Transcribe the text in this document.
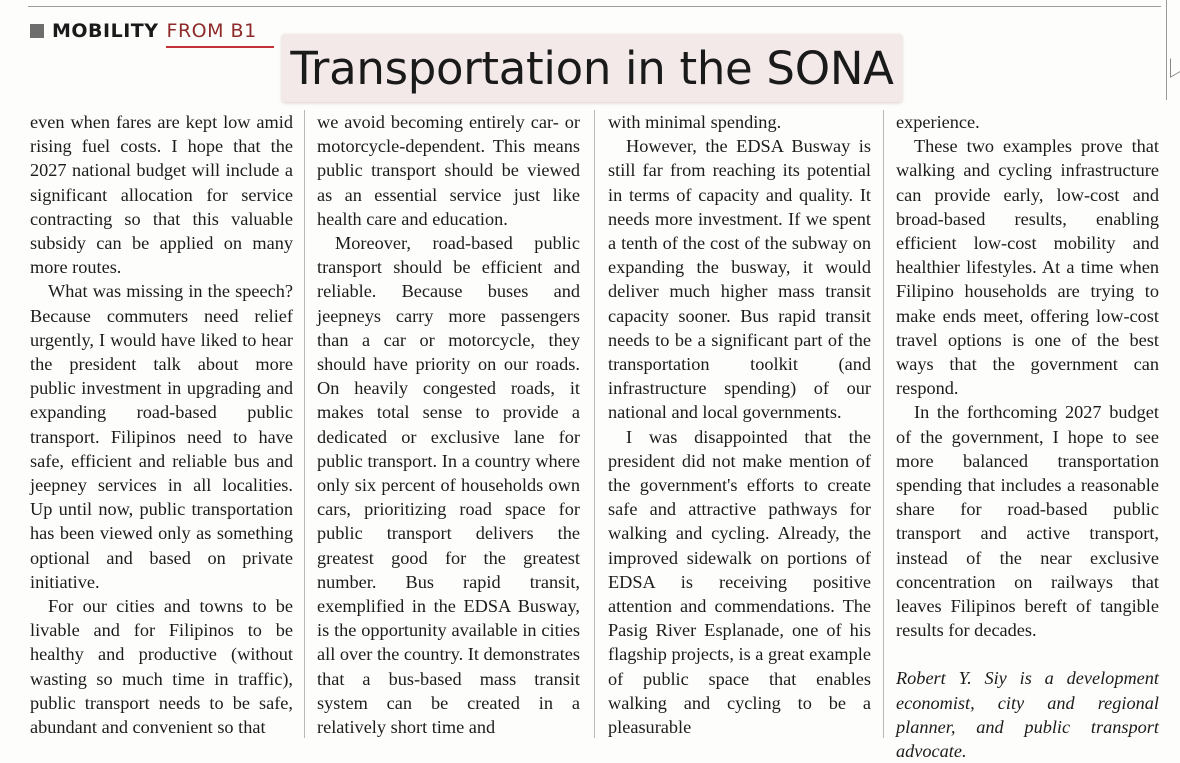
MOBILITY FROM B1
Transportation in the SONA

even when fares are kept low amid rising fuel costs. I hope that the 2027 national budget will include a significant allocation for service contracting so that this valuable subsidy can be applied on many more routes.

What was missing in the speech? Because commuters need relief urgently, I would have liked to hear the president talk about more public investment in upgrading and expanding road-based public transport. Filipinos need to have safe, efficient and reliable bus and jeepney services in all localities. Up until now, public transportation has been viewed only as something optional and based on private initiative.

For our cities and towns to be livable and for Filipinos to be healthy and productive (without wasting so much time in traffic), public transport needs to be safe, abundant and convenient so that

we avoid becoming entirely car- or motorcycle-dependent. This means public transport should be viewed as an essential service just like health care and education.

Moreover, road-based public transport should be efficient and reliable. Because buses and jeepneys carry more passengers than a car or motorcycle, they should have priority on our roads. On heavily congested roads, it makes total sense to provide a dedicated or exclusive lane for public transport. In a country where only six percent of households own cars, prioritizing road space for public transport delivers the greatest good for the greatest number. Bus rapid transit, exemplified in the EDSA Busway, is the opportunity available in cities all over the country. It demonstrates that a bus-based mass transit system can be created in a relatively short time and

with minimal spending.

However, the EDSA Busway is still far from reaching its potential in terms of capacity and quality. It needs more investment. If we spent a tenth of the cost of the subway on expanding the busway, it would deliver much higher mass transit capacity sooner. Bus rapid transit needs to be a significant part of the transportation toolkit (and infrastructure spending) of our national and local governments.

I was disappointed that the president did not make mention of the government's efforts to create safe and attractive pathways for walking and cycling. Already, the improved sidewalk on portions of EDSA is receiving positive attention and commendations. The Pasig River Esplanade, one of his flagship projects, is a great example of public space that enables walking and cycling to be a pleasurable

experience.

These two examples prove that walking and cycling infrastructure can provide early, low-cost and broad-based results, enabling efficient low-cost mobility and healthier lifestyles. At a time when Filipino households are trying to make ends meet, offering low-cost travel options is one of the best ways that the government can respond.

In the forthcoming 2027 budget of the government, I hope to see more balanced transportation spending that includes a reasonable share for road-based public transport and active transport, instead of the near exclusive concentration on railways that leaves Filipinos bereft of tangible results for decades.

Robert Y. Siy is a development economist, city and regional planner, and public transport advocate.
